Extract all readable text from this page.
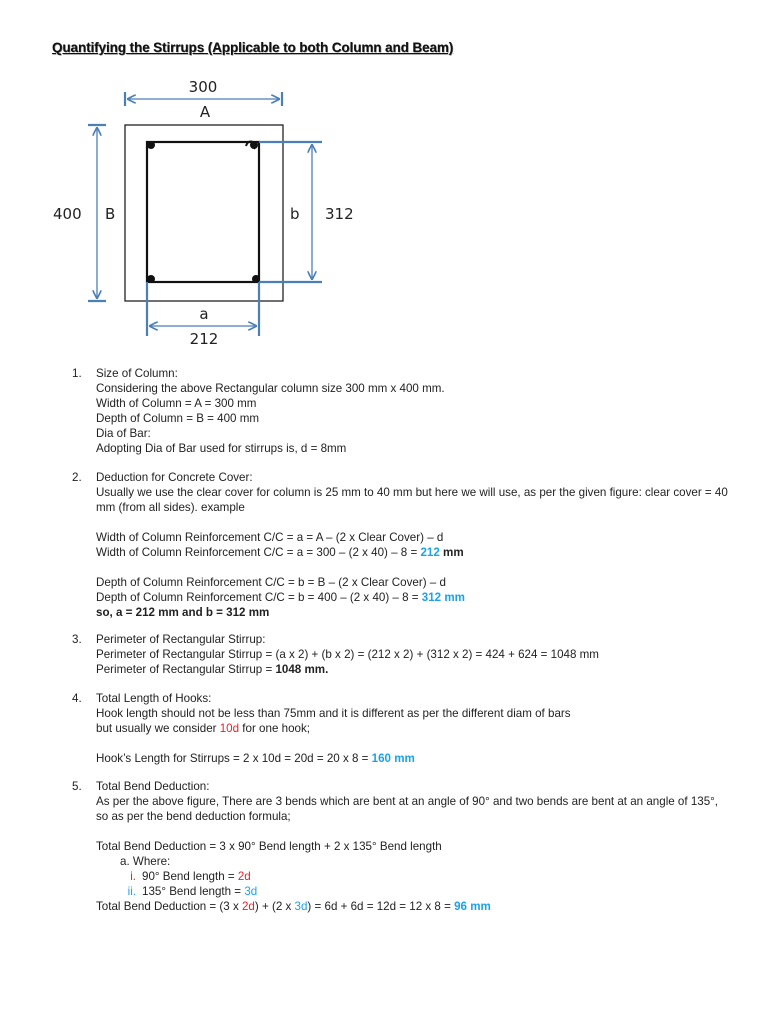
Quantifying the Stirrups (Applicable to both Column and Beam)
300
A
400 B	b 312
a
212
1.	Size of Column:
Considering the above Rectangular column size 300 mm x 400 mm.
Width of Column = A = 300 mm
Depth of Column = B = 400 mm
Dia of Bar:
Adopting Dia of Bar used for stirrups is, d = 8mm
2.	Deduction for Concrete Cover:
Usually we use the clear cover for column is 25 mm to 40 mm but here we will use, as per the given figure: clear cover = 40 mm (from all sides). example
Width of Column Reinforcement C/C = a = A – (2 x Clear Cover) – d
Width of Column Reinforcement C/C = a = 300 – (2 x 40) – 8 = 212 mm
Depth of Column Reinforcement C/C = b = B – (2 x Clear Cover) – d
Depth of Column Reinforcement C/C = b = 400 – (2 x 40) – 8 = 312 mm
so, a = 212 mm and b = 312 mm
3.	Perimeter of Rectangular Stirrup:
Perimeter of Rectangular Stirrup = (a x 2) + (b x 2) = (212 x 2) + (312 x 2) = 424 + 624 = 1048 mm
Perimeter of Rectangular Stirrup = 1048 mm.
4.	Total Length of Hooks:
Hook length should not be less than 75mm and it is different as per the different diam of bars
but usually we consider 10d for one hook;
Hook’s Length for Stirrups = 2 x 10d = 20d = 20 x 8 = 160 mm
5.	Total Bend Deduction:
As per the above figure, There are 3 bends which are bent at an angle of 90° and two bends are bent at an angle of 135°, so as per the bend deduction formula;
Total Bend Deduction = 3 x 90° Bend length + 2 x 135° Bend length
a. Where:
i. 90° Bend length = 2d
ii. 135° Bend length = 3d
Total Bend Deduction = (3 x 2d) + (2 x 3d) = 6d + 6d = 12d = 12 x 8 = 96 mm
